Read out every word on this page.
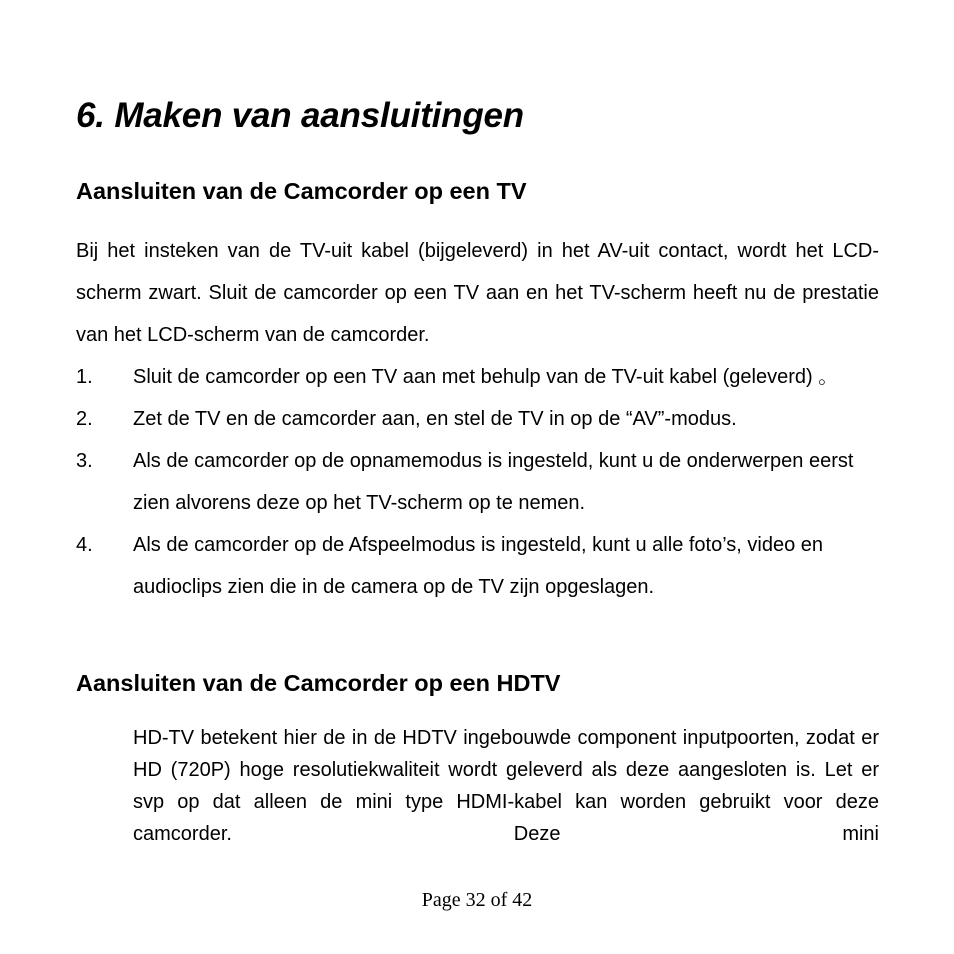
6. Maken van aansluitingen
Aansluiten van de Camcorder op een TV

Bij het insteken van de TV-uit kabel (bijgeleverd) in het AV-uit contact, wordt het LCD-scherm zwart. Sluit de camcorder op een TV aan en het TV-scherm heeft nu de prestatie van het LCD-scherm van de camcorder.

1.	Sluit de camcorder op een TV aan met behulp van de TV-uit kabel (geleverd) 。
2.	Zet de TV en de camcorder aan, en stel de TV in op de “AV”-modus.
3.	Als de camcorder op de opnamemodus is ingesteld, kunt u de onderwerpen eerst zien alvorens deze op het TV-scherm op te nemen.
4.	Als de camcorder op de Afspeelmodus is ingesteld, kunt u alle foto’s, video en audioclips zien die in de camera op de TV zijn opgeslagen.
Aansluiten van de Camcorder op een HDTV

HD-TV betekent hier de in de HDTV ingebouwde component inputpoorten, zodat er HD (720P) hoge resolutiekwaliteit wordt geleverd als deze aangesloten is. Let er svp op dat alleen de mini type HDMI-kabel kan worden gebruikt voor deze camcorder. Deze mini

Page 32 of 42
